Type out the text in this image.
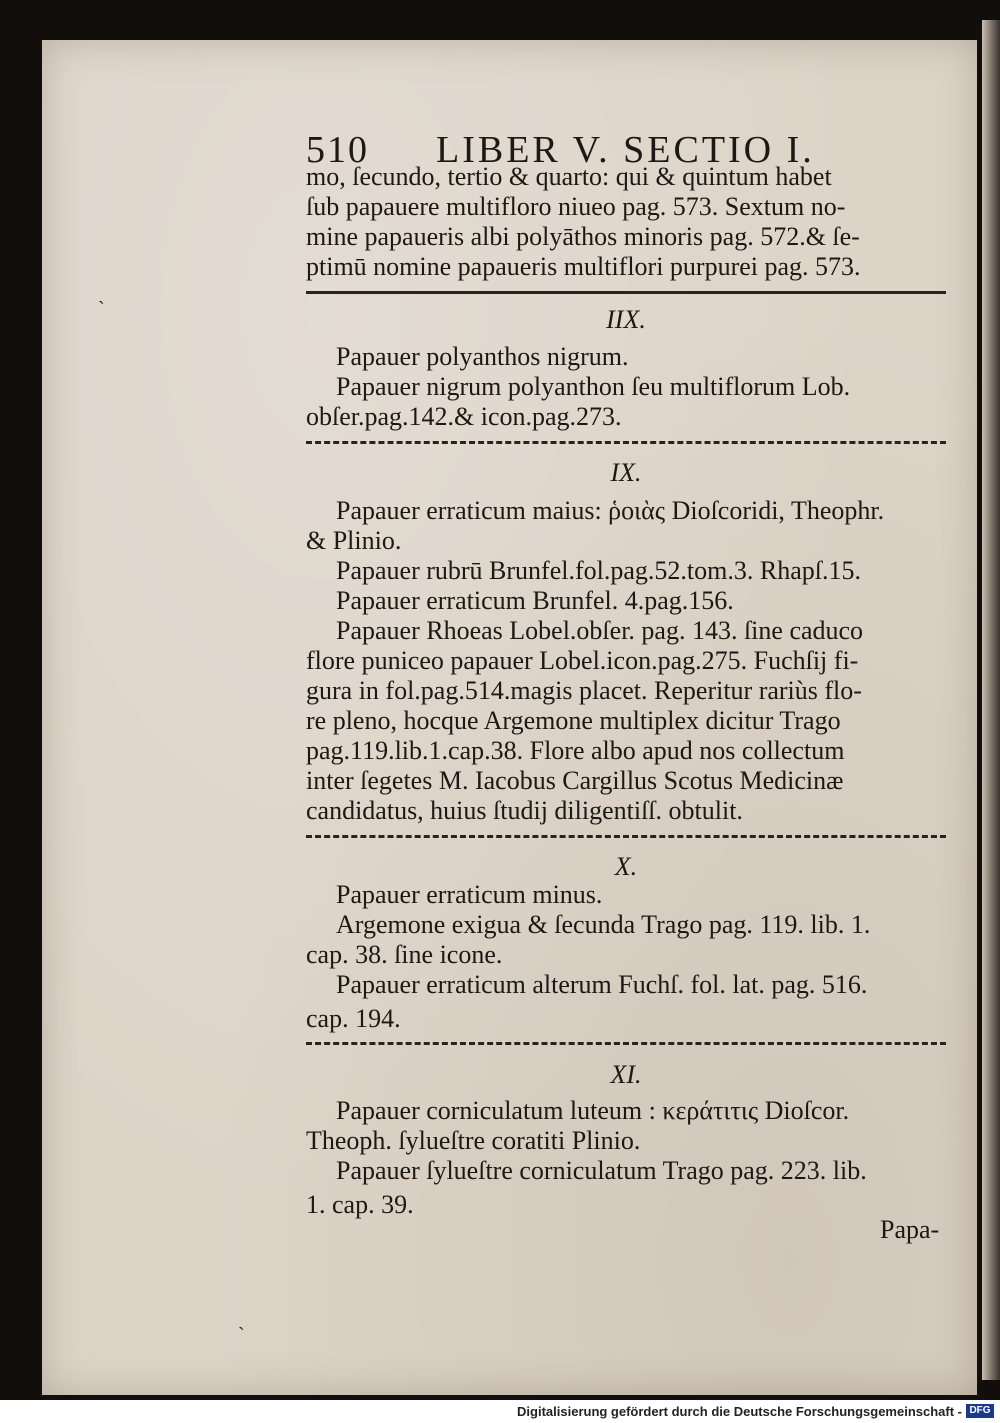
510 LIBER V. SECTIO I.
mo, ſecundo, tertio & quarto: qui & quintum habet
ſub papauere multifloro niueo pag. 573. Sextum no-
mine papaueris albi polyāthos minoris pag. 572.& ſe-
ptimū nomine papaueris multiflori purpurei pag. 573.
IIX.
Papauer polyanthos nigrum.
Papauer nigrum polyanthon ſeu multiflorum Lob.
obſer.pag.142.& icon.pag.273.
IX.
Papauer erraticum maius: ῥοιὰς Dioſcoridi, Theophr.
& Plinio.
Papauer rubrū Brunfel.fol.pag.52.tom.3. Rhapſ.15.
Papauer erraticum Brunfel. 4.pag.156.
Papauer Rhoeas Lobel.obſer. pag. 143. ſine caduco
flore puniceo papauer Lobel.icon.pag.275. Fuchſij fi-
gura in fol.pag.514.magis placet. Reperitur rariùs flo-
re pleno, hocque Argemone multiplex dicitur Trago
pag.119.lib.1.cap.38. Flore albo apud nos collectum
inter ſegetes M. Iacobus Cargillus Scotus Medicinæ
candidatus, huius ſtudij diligentiſſ. obtulit.
X.
Papauer erraticum minus.
Argemone exigua & ſecunda Trago pag. 119. lib. 1.
cap. 38. ſine icone.
Papauer erraticum alterum Fuchſ. fol. lat. pag. 516.
cap. 194.
XI.
Papauer corniculatum luteum : κεράτιτις Dioſcor.
Theoph. ſylueſtre coratiti Plinio.
Papauer ſylueſtre corniculatum Trago pag. 223. lib.
1. cap. 39.
Papa-
ˋ
ˋ
Digitalisierung gefördert durch die Deutsche Forschungsgemeinschaft - DFG
